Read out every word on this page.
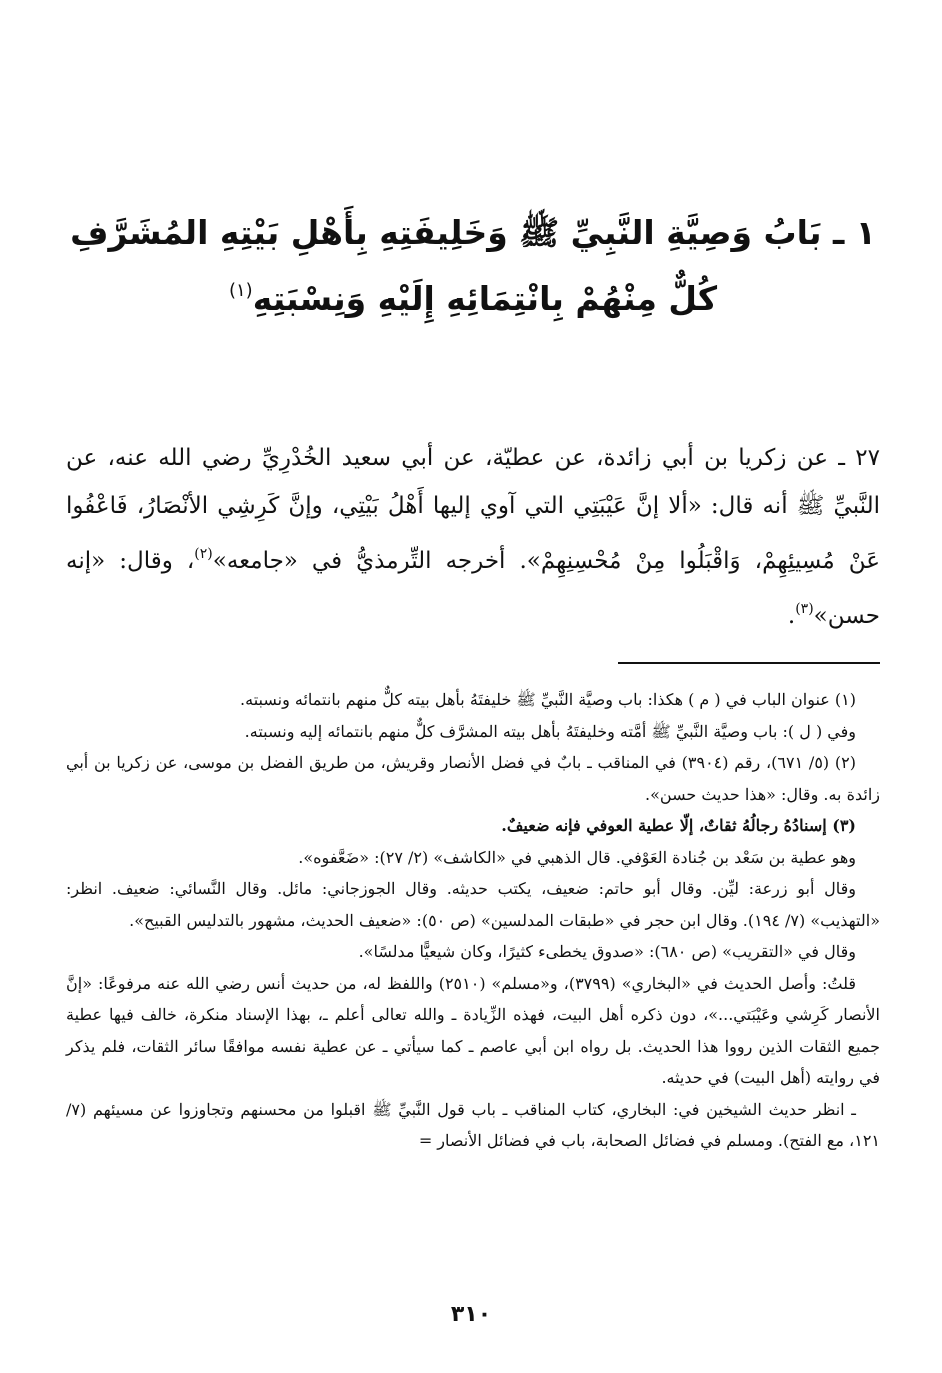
١ ـ بَابُ وَصِيَّةِ النَّبِيِّ ﷺ وَخَلِيفَتِهِ بِأَهْلِ بَيْتِهِ المُشَرَّفِ
كُلٌّ مِنْهُمْ بِانْتِمَائِهِ إِلَيْهِ وَنِسْبَتِهِ$^{(١)}$

٢٧ ـ عن زكريا بن أبي زائدة، عن عطيّة، عن أبي سعيد الخُدْرِيِّ رضي الله عنه، عن النَّبيِّ ﷺ أنه قال: «ألا إنَّ عَيْبَتِي التي آوي إليها أَهْلُ بَيْتِي، وإنَّ كَرِشِي الأنْصَارُ، فَاعْفُوا عَنْ مُسِيئِهِمْ، وَاقْبَلُوا مِنْ مُحْسِنِهِمْ». أخرجه التِّرمذيُّ في «جامعه»$^{(٢)}$، وقال: «إنه حسن»$^{(٣)}$.

(١) عنوان الباب في ( م ) هكذا: باب وصيَّة النَّبيِّ ﷺ خليفتَهُ بأهل بيته كلٌّ منهم بانتمائه ونسبته.

وفي ( ل ): باب وصيَّة النَّبيِّ ﷺ أمَّته وخليفتَهُ بأهل بيته المشرَّف كلٌّ منهم بانتمائه إليه ونسبته.

(٢) (٥/ ٦٧١)، رقم (٣٩٠٤) في المناقب ـ بابٌ في فضل الأنصار وقريش، من طريق الفضل بن موسى، عن زكريا بن أبي زائدة به. وقال: «هذا حديث حسن».

(٣) إسنادُهُ رجالُهُ ثقاتٌ، إلّا عطية العوفي فإنه ضعيفٌ.

وهو عطية بن سَعْد بن جُنادة العَوْفي. قال الذهبي في «الكاشف» (٢/ ٢٧): «ضَعَّفوه».

وقال أبو زرعة: ليِّن. وقال أبو حاتم: ضعيف، يكتب حديثه. وقال الجوزجاني: مائل. وقال النَّسائي: ضعيف. انظر: «التهذيب» (٧/ ١٩٤). وقال ابن حجر في «طبقات المدلسين» (ص ٥٠): «ضعيف الحديث، مشهور بالتدليس القبيح».

وقال في «التقريب» (ص ٦٨٠): «صدوق يخطىء كثيرًا، وكان شيعيًّا مدلسًا».

قلتُ: وأصل الحديث في «البخاري» (٣٧٩٩)، و«مسلم» (٢٥١٠) واللفظ له، من حديث أنس رضي الله عنه مرفوعًا: «إنَّ الأنصار كَرِشي وعَيْبَتي...»، دون ذكره أهل البيت، فهذه الزِّيادة ـ والله تعالى أعلم ـ، بهذا الإسناد منكرة، خالف فيها عطية جميع الثقات الذين رووا هذا الحديث. بل رواه ابن أبي عاصم ـ كما سيأتي ـ عن عطية نفسه موافقًا سائر الثقات، فلم يذكر في روايته (أهل البيت) في حديثه.

ـ انظر حديث الشيخين في: البخاري، كتاب المناقب ـ باب قول النَّبيِّ ﷺ اقبلوا من محسنهم وتجاوزوا عن مسيئهم (٧/ ١٢١، مع الفتح). ومسلم في فضائل الصحابة، باب في فضائل الأنصار =

٣١٠
